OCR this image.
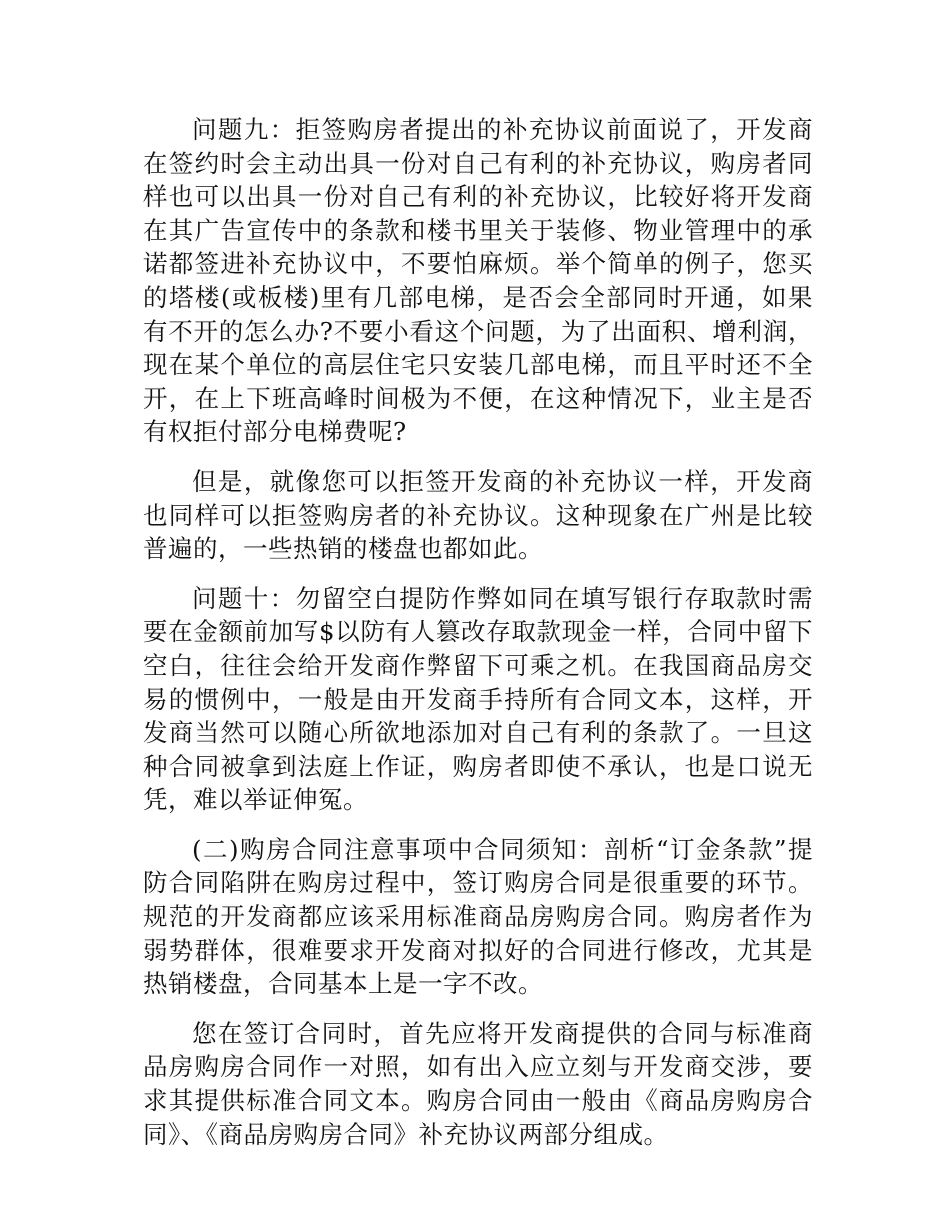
问题九：拒签购房者提出的补充协议前面说了，开发商在签约时会主动出具一份对自己有利的补充协议，购房者同样也可以出具一份对自己有利的补充协议，比较好将开发商在其广告宣传中的条款和楼书里关于装修、物业管理中的承诺都签进补充协议中，不要怕麻烦。举个简单的例子，您买的塔楼(或板楼)里有几部电梯，是否会全部同时开通，如果有不开的怎么办?不要小看这个问题，为了出面积、增利润，现在某个单位的高层住宅只安装几部电梯，而且平时还不全开，在上下班高峰时间极为不便，在这种情况下，业主是否有权拒付部分电梯费呢?

但是，就像您可以拒签开发商的补充协议一样，开发商也同样可以拒签购房者的补充协议。这种现象在广州是比较普遍的，一些热销的楼盘也都如此。

问题十：勿留空白提防作弊如同在填写银行存取款时需要在金额前加写$以防有人篡改存取款现金一样，合同中留下空白，往往会给开发商作弊留下可乘之机。在我国商品房交易的惯例中，一般是由开发商手持所有合同文本，这样，开发商当然可以随心所欲地添加对自己有利的条款了。一旦这种合同被拿到法庭上作证，购房者即使不承认，也是口说无凭，难以举证伸冤。

(二)购房合同注意事项中合同须知：剖析“订金条款”提防合同陷阱在购房过程中，签订购房合同是很重要的环节。规范的开发商都应该采用标准商品房购房合同。购房者作为弱势群体，很难要求开发商对拟好的合同进行修改，尤其是热销楼盘，合同基本上是一字不改。

您在签订合同时，首先应将开发商提供的合同与标准商品房购房合同作一对照，如有出入应立刻与开发商交涉，要求其提供标准合同文本。购房合同由一般由《商品房购房合同》、《商品房购房合同》补充协议两部分组成。
